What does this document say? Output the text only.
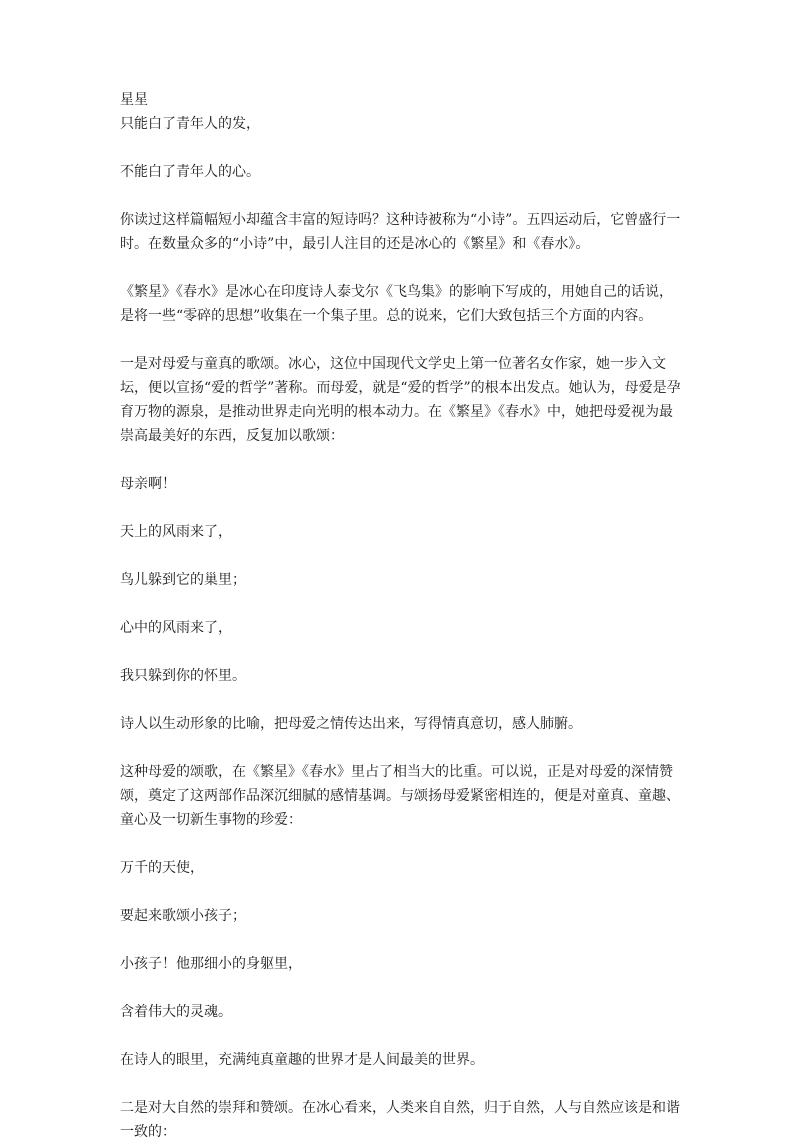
星星

只能白了青年人的发，

不能白了青年人的心。

你读过这样篇幅短小却蕴含丰富的短诗吗？这种诗被称为“小诗”。五四运动后，它曾盛行一时。在数量众多的“小诗”中，最引人注目的还是冰心的《繁星》和《春水》。

《繁星》《春水》是冰心在印度诗人泰戈尔《飞鸟集》的影响下写成的，用她自己的话说，是将一些“零碎的思想”收集在一个集子里。总的说来，它们大致包括三个方面的内容。

一是对母爱与童真的歌颂。冰心，这位中国现代文学史上第一位著名女作家，她一步入文坛，便以宣扬“爱的哲学”著称。而母爱，就是“爱的哲学”的根本出发点。她认为，母爱是孕育万物的源泉，是推动世界走向光明的根本动力。在《繁星》《春水》中，她把母爱视为最崇高最美好的东西，反复加以歌颂：

母亲啊！

天上的风雨来了，

鸟儿躲到它的巢里；

心中的风雨来了，

我只躲到你的怀里。

诗人以生动形象的比喻，把母爱之情传达出来，写得情真意切，感人肺腑。

这种母爱的颂歌，在《繁星》《春水》里占了相当大的比重。可以说，正是对母爱的深情赞颂，奠定了这两部作品深沉细腻的感情基调。与颂扬母爱紧密相连的，便是对童真、童趣、童心及一切新生事物的珍爱：

万千的天使，

要起来歌颂小孩子；

小孩子！他那细小的身躯里，

含着伟大的灵魂。

在诗人的眼里，充满纯真童趣的世界才是人间最美的世界。

二是对大自然的崇拜和赞颂。在冰心看来，人类来自自然，归于自然，人与自然应该是和谐一致的：
